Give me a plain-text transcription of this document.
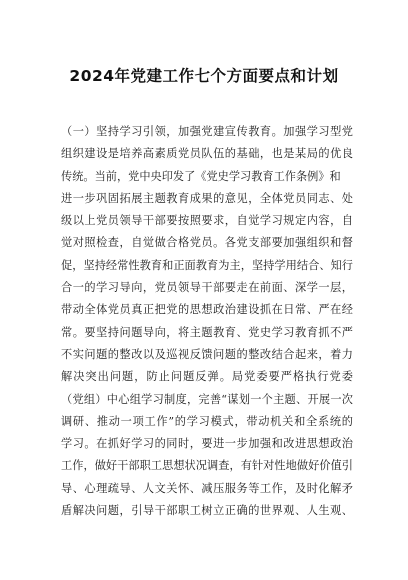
2024年党建工作七个方面要点和计划
（一）坚持学习引领，加强党建宣传教育。加强学习型党
组织建设是培养高素质党员队伍的基础，也是某局的优良
传统。当前，党中央印发了《党史学习教育工作条例》和
进一步巩固拓展主题教育成果的意见，全体党员同志、处
级以上党员领导干部要按照要求，自觉学习规定内容，自
觉对照检查，自觉做合格党员。各党支部要加强组织和督
促，坚持经常性教育和正面教育为主，坚持学用结合、知行
合一的学习导向，党员领导干部要走在前面、深学一层，
带动全体党员真正把党的思想政治建设抓在日常、严在经
常。要坚持问题导向，将主题教育、党史学习教育抓不严
不实问题的整改以及巡视反馈问题的整改结合起来，着力
解决突出问题，防止问题反弹。局党委要严格执行党委
（党组）中心组学习制度，完善“谋划一个主题、开展一次
调研、推动一项工作”的学习模式，带动机关和全系统的
学习。在抓好学习的同时，要进一步加强和改进思想政治
工作，做好干部职工思想状况调查，有针对性地做好价值引
导、心理疏导、人文关怀、减压服务等工作，及时化解矛
盾解决问题，引导干部职工树立正确的世界观、人生观、
